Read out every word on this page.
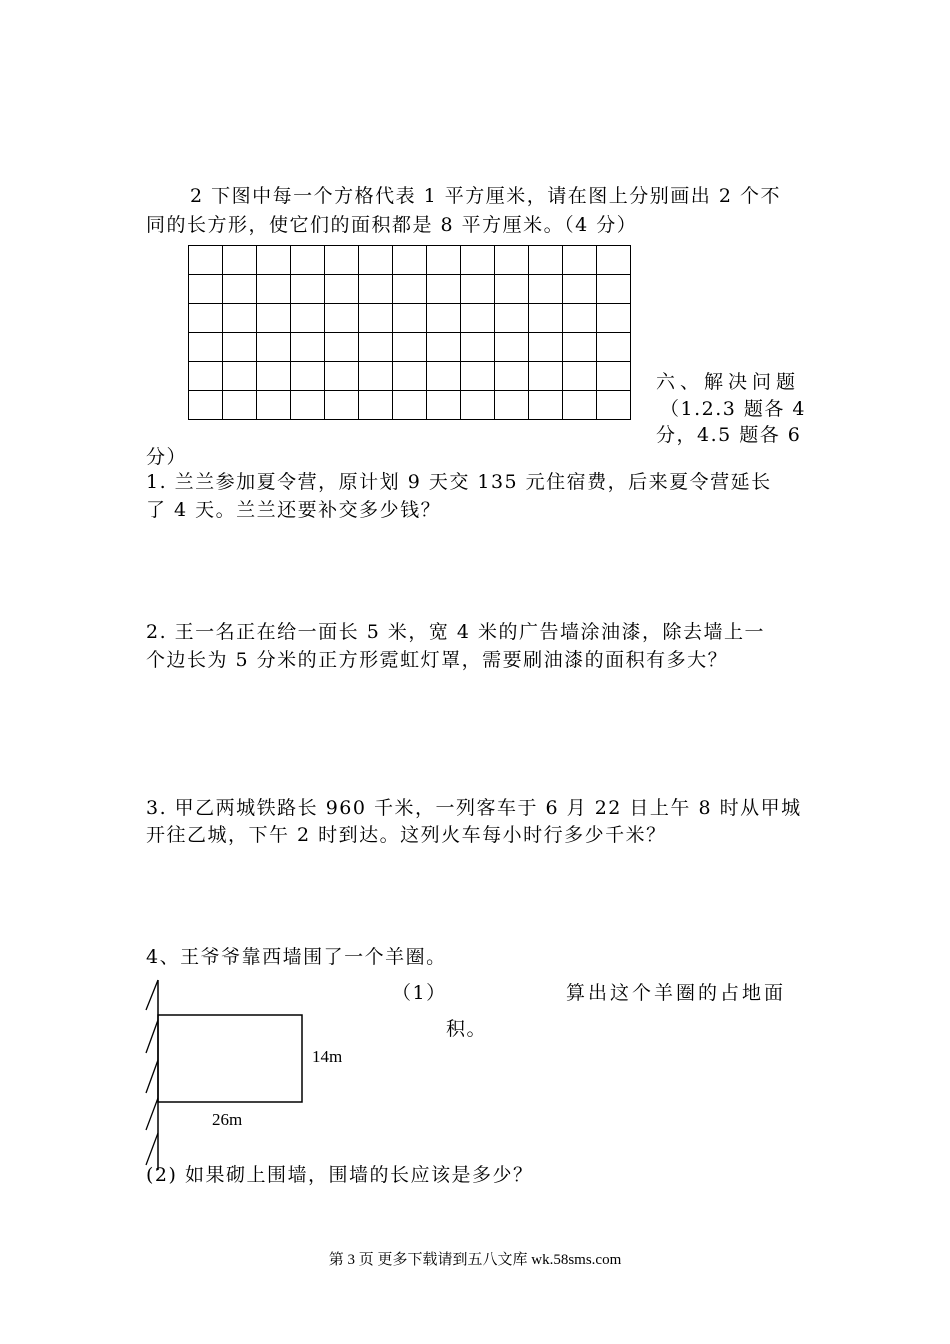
2 下图中每一个方格代表 1 平方厘米，请在图上分别画出 2 个不
同的长方形，使它们的面积都是 8 平方厘米。（4 分）

六、解决问题
（1.2.3 题各 4
分，4.5 题各 6
分）
1. 兰兰参加夏令营，原计划 9 天交 135 元住宿费，后来夏令营延长
了 4 天。兰兰还要补交多少钱？
2. 王一名正在给一面长 5 米，宽 4 米的广告墙涂油漆，除去墙上一
个边长为 5 分米的正方形霓虹灯罩，需要刷油漆的面积有多大？
3. 甲乙两城铁路长 960 千米，一列客车于 6 月 22 日上午 8 时从甲城
开往乙城，下午 2 时到达。这列火车每小时行多少千米？
4、王爷爷靠西墙围了一个羊圈。
（1）	算出这个羊圈的占地面
积。
14m
26m
(2) 如果砌上围墙，围墙的长应该是多少？
第 3 页 更多下载请到五八文库 wk.58sms.com
